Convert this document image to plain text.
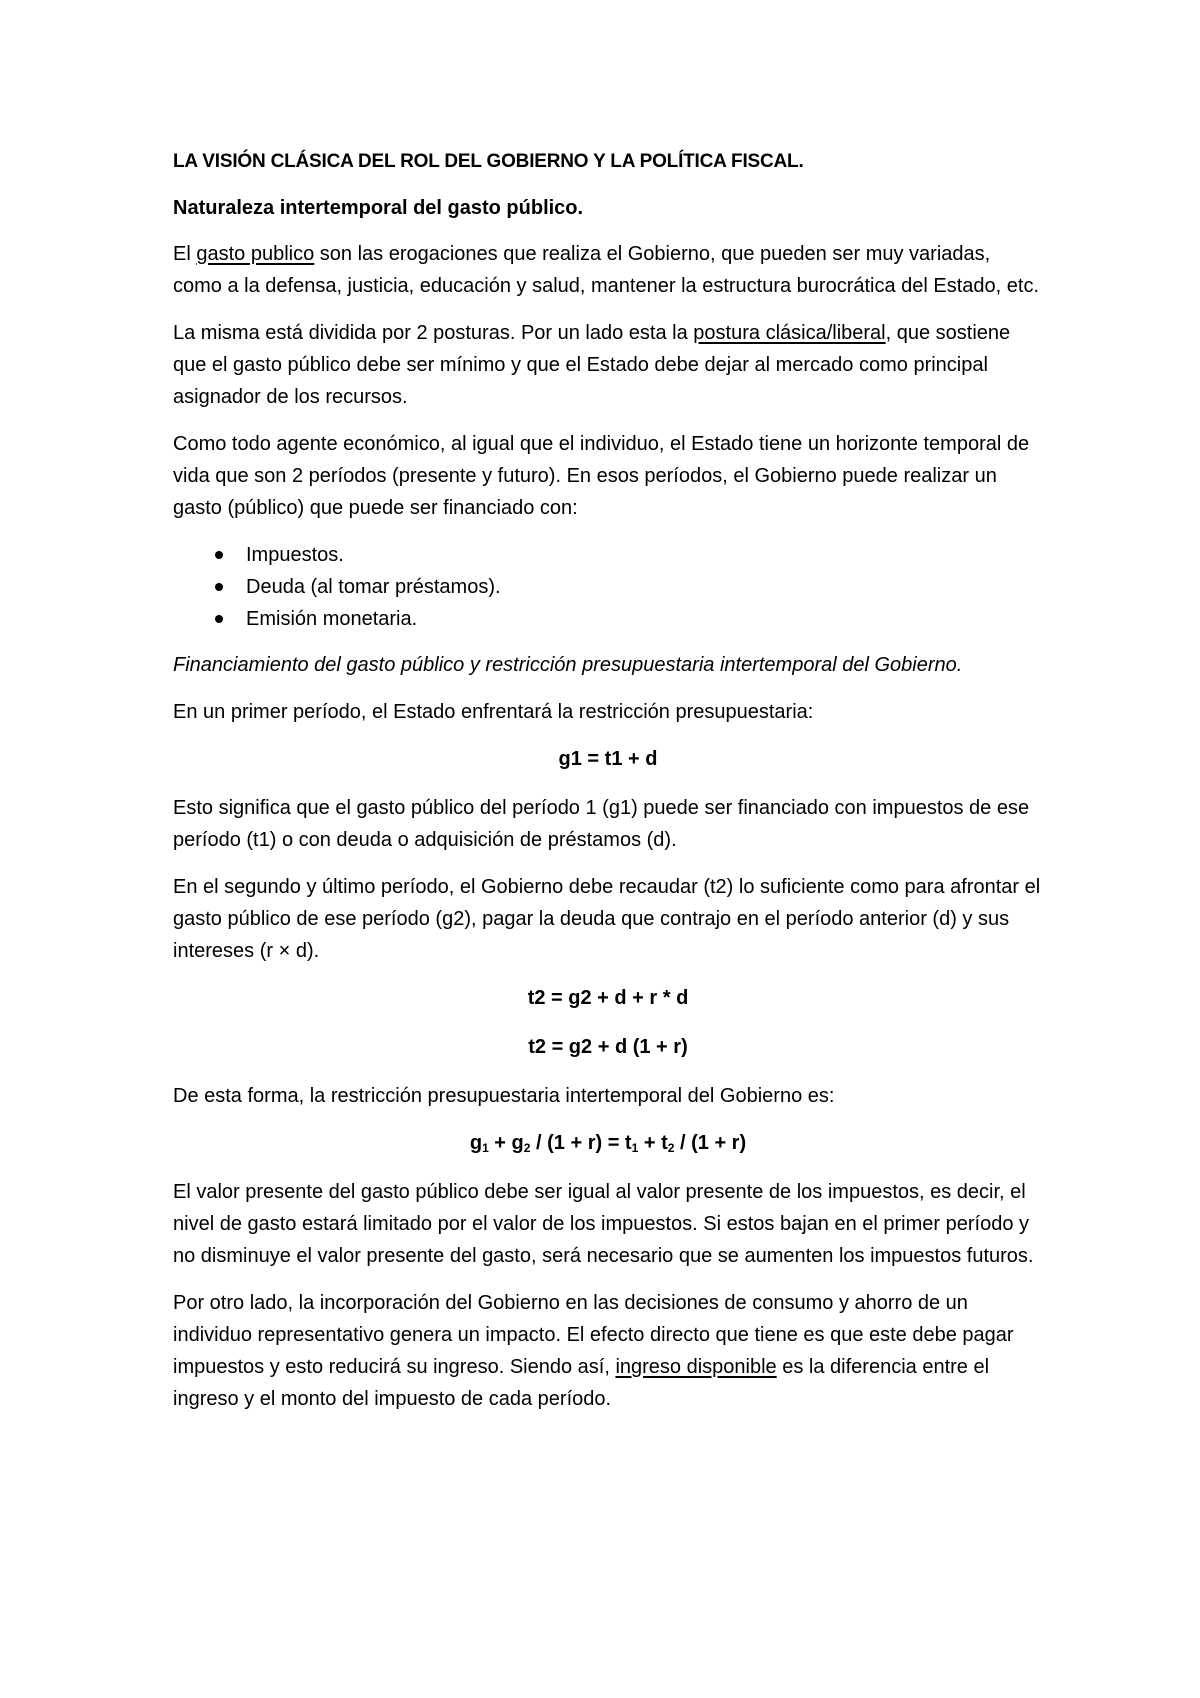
LA VISIÓN CLÁSICA DEL ROL DEL GOBIERNO Y LA POLÍTICA FISCAL.

Naturaleza intertemporal del gasto público.

El gasto publico son las erogaciones que realiza el Gobierno, que pueden ser muy variadas, como a la defensa, justicia, educación y salud, mantener la estructura burocrática del Estado, etc.

La misma está dividida por 2 posturas. Por un lado esta la postura clásica/liberal, que sostiene que el gasto público debe ser mínimo y que el Estado debe dejar al mercado como principal asignador de los recursos.

Como todo agente económico, al igual que el individuo, el Estado tiene un horizonte temporal de vida que son 2 períodos (presente y futuro). En esos períodos, el Gobierno puede realizar un gasto (público) que puede ser financiado con:

Impuestos.
Deuda (al tomar préstamos).
Emisión monetaria.

Financiamiento del gasto público y restricción presupuestaria intertemporal del Gobierno.

En un primer período, el Estado enfrentará la restricción presupuestaria:

g1 = t1 + d

Esto significa que el gasto público del período 1 (g1) puede ser financiado con impuestos de ese período (t1) o con deuda o adquisición de préstamos (d).

En el segundo y último período, el Gobierno debe recaudar (t2) lo suficiente como para afrontar el gasto público de ese período (g2), pagar la deuda que contrajo en el período anterior (d) y sus intereses (r × d).

t2 = g2 + d + r * d

t2 = g2 + d (1 + r)

De esta forma, la restricción presupuestaria intertemporal del Gobierno es:

$g_1 + g_2 / (1 + r) = t_1 + t_2 / (1 + r)$

El valor presente del gasto público debe ser igual al valor presente de los impuestos, es decir, el nivel de gasto estará limitado por el valor de los impuestos. Si estos bajan en el primer período y no disminuye el valor presente del gasto, será necesario que se aumenten los impuestos futuros.

Por otro lado, la incorporación del Gobierno en las decisiones de consumo y ahorro de un individuo representativo genera un impacto. El efecto directo que tiene es que este debe pagar impuestos y esto reducirá su ingreso. Siendo así, ingreso disponible es la diferencia entre el ingreso y el monto del impuesto de cada período.
